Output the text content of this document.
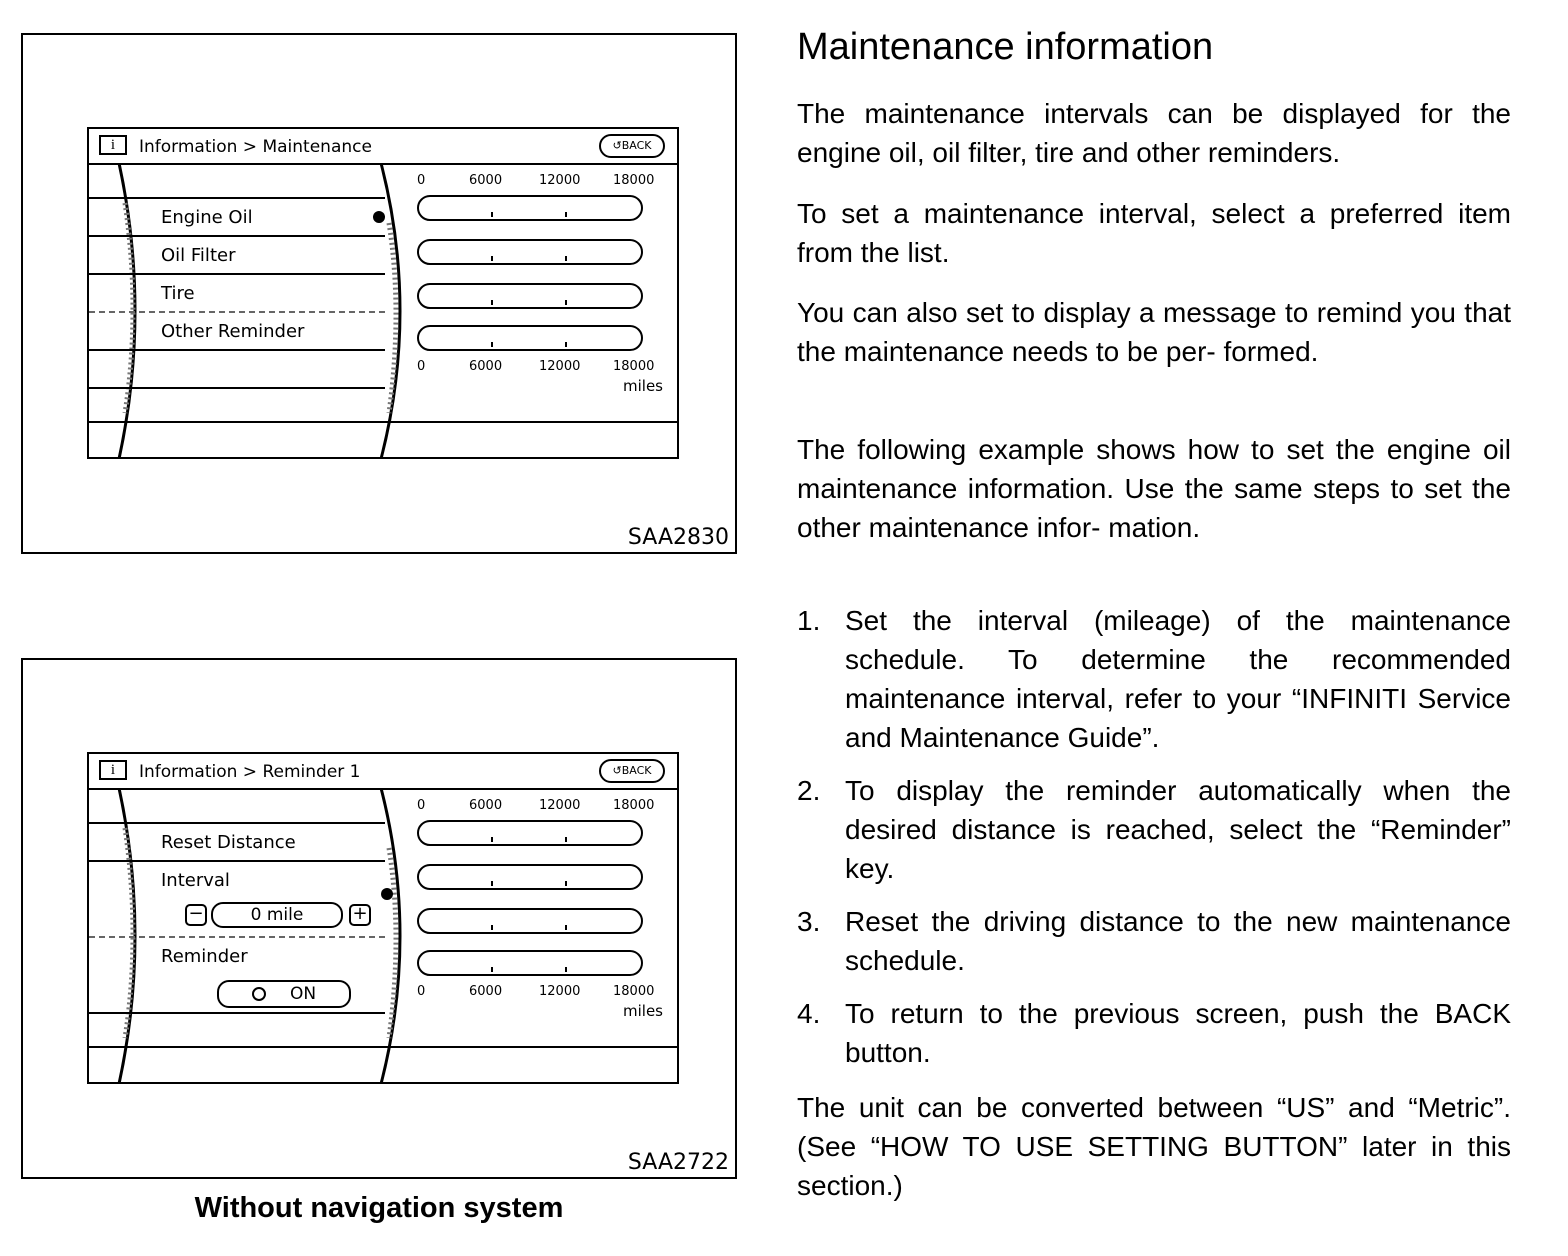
i	Information > Maintenance	↺BACK
Engine Oil
Oil Filter
Tire
Other Reminder
0	6000	12000	18000
0	6000	12000	18000
miles
SAA2830
i	Information > Reminder 1	↺BACK
Reset Distance
Interval
−	0 mile	+
Reminder
ON
0	6000	12000	18000
0	6000	12000	18000
miles
SAA2722
Without navigation system
Maintenance information

The maintenance intervals can be displayed for the engine oil, oil filter, tire and other reminders.

To set a maintenance interval, select a preferred item from the list.

You can also set to display a message to remind you that the maintenance needs to be per- formed.

The following example shows how to set the engine oil maintenance information. Use the same steps to set the other maintenance infor- mation.

1. Set the interval (mileage) of the maintenance schedule. To determine the recommended maintenance interval, refer to your “INFINITI Service and Maintenance Guide”.

2. To display the reminder automatically when the desired distance is reached, select the “Reminder” key.

3. Reset the driving distance to the new maintenance schedule.

4. To return to the previous screen, push the BACK button.

The unit can be converted between “US” and “Metric”. (See “HOW TO USE SETTING BUTTON” later in this section.)
